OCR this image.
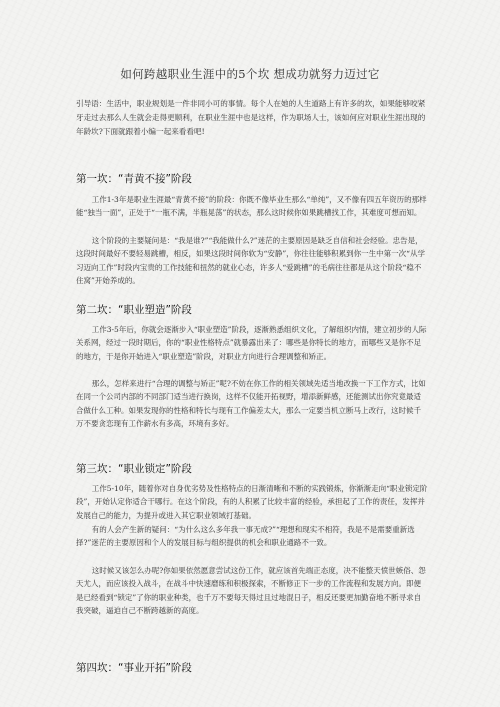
如何跨越职业生涯中的5个坎 想成功就努力迈过它
引导语：生活中，职业规划是一件非同小可的事情。每个人在她的人生道路上有许多的坎，如果能够咬紧牙走过去那么人生就会走得更顺利，在职业生涯中也是这样，作为职场人士，该如何应对职业生涯出现的年龄坎?下面就跟着小编一起来看看吧!
第一坎：“青黄不接”阶段
工作1-3年是职业生涯最“青黄不接”的阶段：你既不像毕业生那么“单纯”，又不像有四五年资历的那样能“独当一面”，正处于“一瓶不满，半瓶晃荡”的状态，那么这时候你如果跳槽找工作，其难度可想而知。
这个阶段的主要疑问是：“我是谁?”“我能做什么?”迷茫的主要原因是缺乏自信和社会经验。忠告是，这段时间最好不要轻易跳槽，相反，如果这段时间你软为“安静”，你往往能够积累到你一生中第一次“从学习迈向工作”时段内宝贵的工作技能和扭然的就业心态，许多人“爱跳槽”的毛病往往都是从这个阶段“稳不住窝”开始养成的。
第二坎：“职业塑造”阶段
工作3-5年后，你就会逐渐步入“职业塑造”阶段，逐渐熟悉组织文化，了解组织内情，建立初步的人际关系网，经过一段时期后，你的“职业性格特点”就暴露出来了：哪些是你特长的地方，而哪些又是你不足的地方，于是你开始进入“职业塑造”阶段，对职业方向进行合理调整和矫正。
那么，怎样来进行“合理的调整与矫正”呢?不妨在你工作的相关领域先适当地改换一下工作方式，比如在同一个公司内部的不同部门适当进行换岗，这样不仅能开拓视野，增添新鲜感，还能测试出你究竟最适合做什么工种。如果发现你的性格和特长与现有工作偏差太大，那么一定要当机立断马上改行，这时候千万不要贪恋现有工作薪水有多高，环境有多好。
第三坎：“职业锁定”阶段
工作5-10年，随着你对自身优劣势及性格特点的日渐清晰和不断的实践锻炼，你渐渐走向“职业锁定阶段”，开始认定你适合干哪行。在这个阶段，有的人积累了比较丰富的经验，承担起了工作的责任，发挥并发展自己的能力，为提升或进入其它职业领域打基础。
有的人会产生新的疑问：“为什么这么多年我一事无成?”“理想和现实不相符，我是不是需要重新选择?”迷茫的主要原因和个人的发展目标与组织提供的机会和职业通路不一致。
这时候又该怎么办呢?你如果依然愿意尝试这份工作，就应该首先端正态度，决不能整天愤世嫉俗、怨天尤人，而应该投入战斗，在战斗中快速磨练和积极探索，不断修正下一步的工作流程和发展方向。即便是已经看到“锁定”了你的职业种类，也千万不要每天得过且过地混日子，相反还要更加勤奋地不断寻求自我突破，逼迫自己不断跨越新的高度。
第四坎：“事业开拓”阶段
